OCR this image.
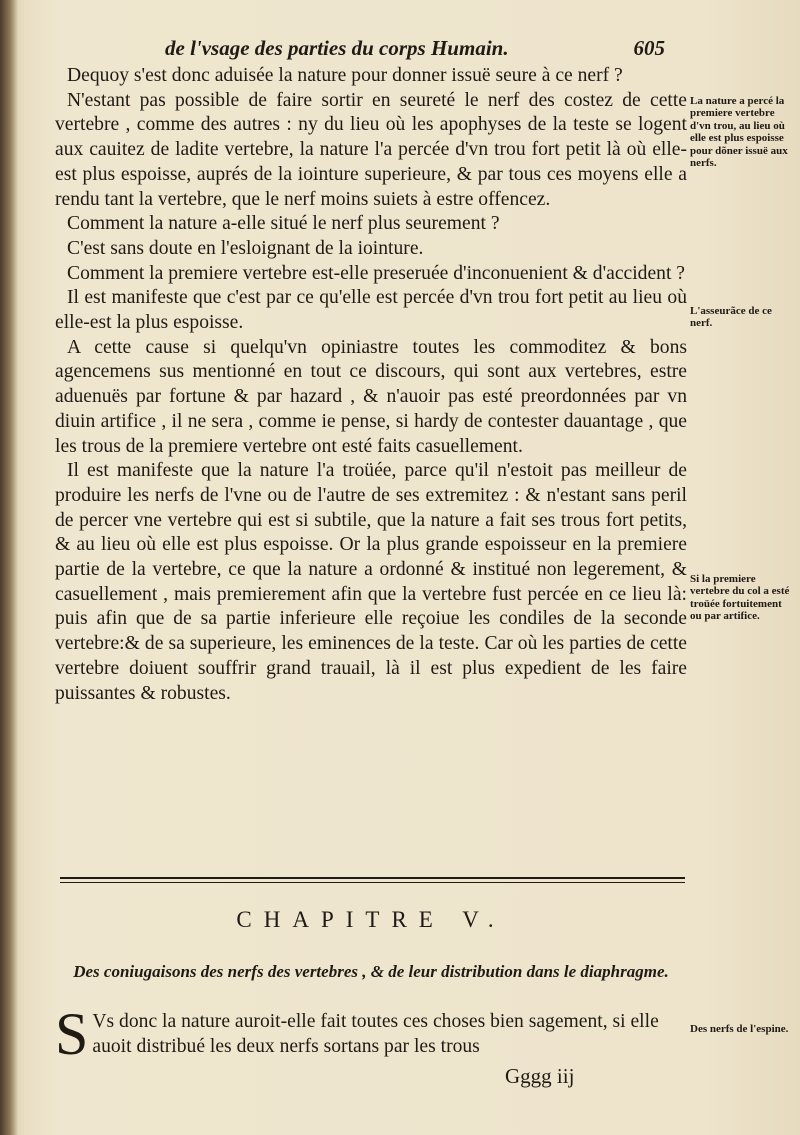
de l'vsage des parties du corps Humain.	605

Dequoy s'est donc aduisée la nature pour donner issuë seure à ce nerf ?

N'estant pas possible de faire sortir en seureté le nerf des costez de cette vertebre , comme des autres : ny du lieu où les apophyses de la teste se logent aux cauitez de ladite vertebre, la nature l'a percée d'vn trou fort petit là où elle-est plus espoisse, auprés de la iointure superieure, & par tous ces moyens elle a rendu tant la vertebre, que le nerf moins suiets à estre offencez.

Comment la nature a-elle situé le nerf plus seurement ?

C'est sans doute en l'esloignant de la iointure.

Comment la premiere vertebre est-elle preseruée d'inconuenient & d'accident ?

Il est manifeste que c'est par ce qu'elle est percée d'vn trou fort petit au lieu où elle-est la plus espoisse.

A cette cause si quelqu'vn opiniastre toutes les commoditez & bons agencemens sus mentionné en tout ce discours, qui sont aux vertebres, estre aduenuës par fortune & par hazard , & n'auoir pas esté preordonnées par vn diuin artifice , il ne sera , comme ie pense, si hardy de contester dauantage , que les trous de la premiere vertebre ont esté faits casuellement.

Il est manifeste que la nature l'a troüée, parce qu'il n'estoit pas meilleur de produire les nerfs de l'vne ou de l'autre de ses extremitez : & n'estant sans peril de percer vne vertebre qui est si subtile, que la nature a fait ses trous fort petits, & au lieu où elle est plus espoisse. Or la plus grande espoisseur en la premiere partie de la vertebre, ce que la nature a ordonné & institué non legerement, & casuellement , mais premierement afin que la vertebre fust percée en ce lieu là: puis afin que de sa partie inferieure elle reçoiue les condiles de la seconde vertebre:& de sa superieure, les eminences de la teste. Car où les parties de cette vertebre doiuent souffrir grand trauail, là il est plus expedient de les faire puissantes & robustes.

La nature a percé la premiere vertebre d'vn trou, au lieu où elle est plus espoisse pour dõner issuë aux nerfs.
L'asseurãce de ce nerf.
Si la premiere vertebre du col a esté troüée fortuitement ou par artifice.
Des nerfs de l'espine.
CHAPITRE V.
Des coniugaisons des nerfs des vertebres , & de leur distribution dans le diaphragme.
S Vs donc la nature auroit-elle fait toutes ces choses bien sagement, si elle auoit distribué les deux nerfs sortans par les trous
Gggg iij
